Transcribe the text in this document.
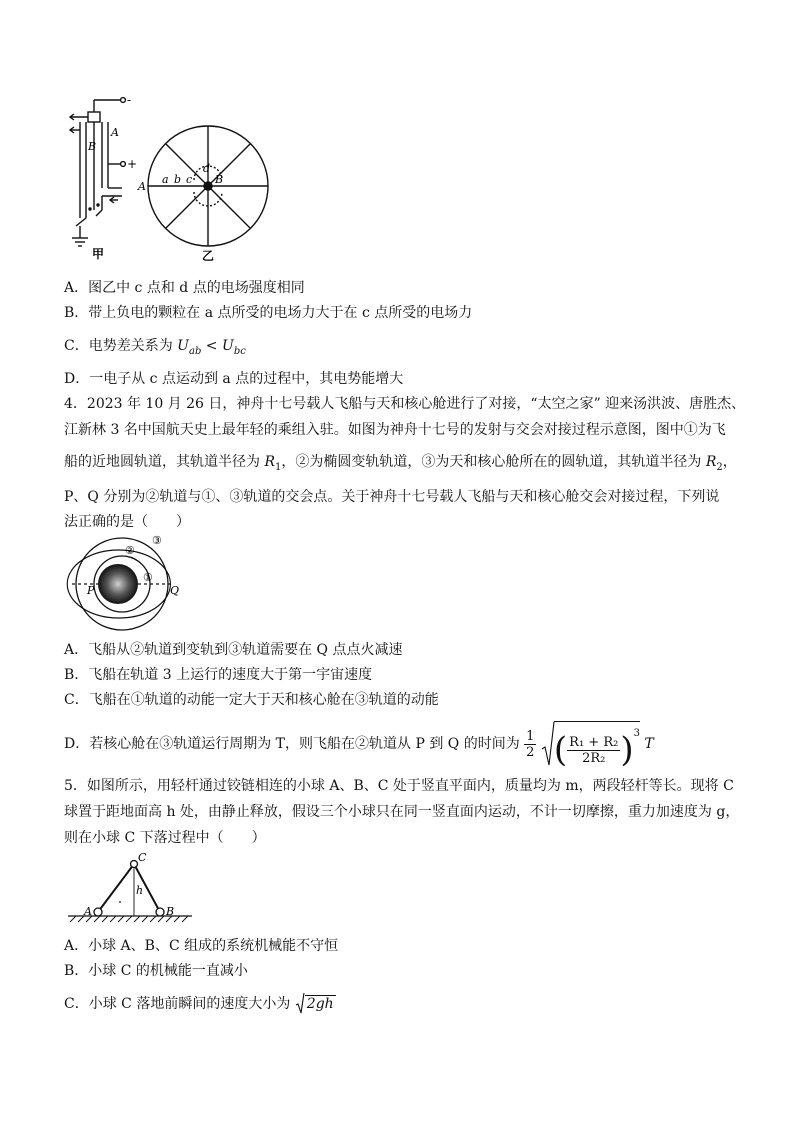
-
+
B
A
甲
A
a b c
d
B
乙
A．图乙中 c 点和 d 点的电场强度相同
B．带上负电的颗粒在 a 点所受的电场力大于在 c 点所受的电场力
C．电势差关系为 $U_{ab} < U_{bc}$
D．一电子从 c 点运动到 a 点的过程中，其电势能增大
4．2023 年 10 月 26 日，神舟十七号载人飞船与天和核心舱进行了对接，“太空之家” 迎来汤洪波、唐胜杰、
江新林 3 名中国航天史上最年轻的乘组入驻。如图为神舟十七号的发射与交会对接过程示意图，图中①为飞
船的近地圆轨道，其轨道半径为 $R_1$，②为椭圆变轨轨道，③为天和核心舱所在的圆轨道，其轨道半径为 $R_2$，
P、Q 分别为②轨道与①、③轨道的交会点。关于神舟十七号载人飞船与天和核心舱交会对接过程，下列说
法正确的是（　　）
②
③
①
P	Q
A．飞船从②轨道到变轨到③轨道需要在 Q 点点火减速
B．飞船在轨道 3 上运行的速度大于第一宇宙速度
C．飞船在①轨道的动能一定大于天和核心舱在③轨道的动能
D．若核心舱在③轨道运行周期为 T，则飞船在②轨道从 P 到 Q 的时间为 $\frac{1}{2}$ ( $\frac{\text{R₁ + R₂}}{\text{2R₂}} )^3$ T
5．如图所示，用轻杆通过铰链相连的小球 A、B、C 处于竖直平面内，质量均为 m，两段轻杆等长。现将 C
球置于距地面高 h 处，由静止释放，假设三个小球只在同一竖直面内运动，不计一切摩擦，重力加速度为 g，
则在小球 C 下落过程中（　　）
C
h
A	B
A．小球 A、B、C 组成的系统机械能不守恒
B．小球 C 的机械能一直减小
C．小球 C 落地前瞬间的速度大小为 2gh
